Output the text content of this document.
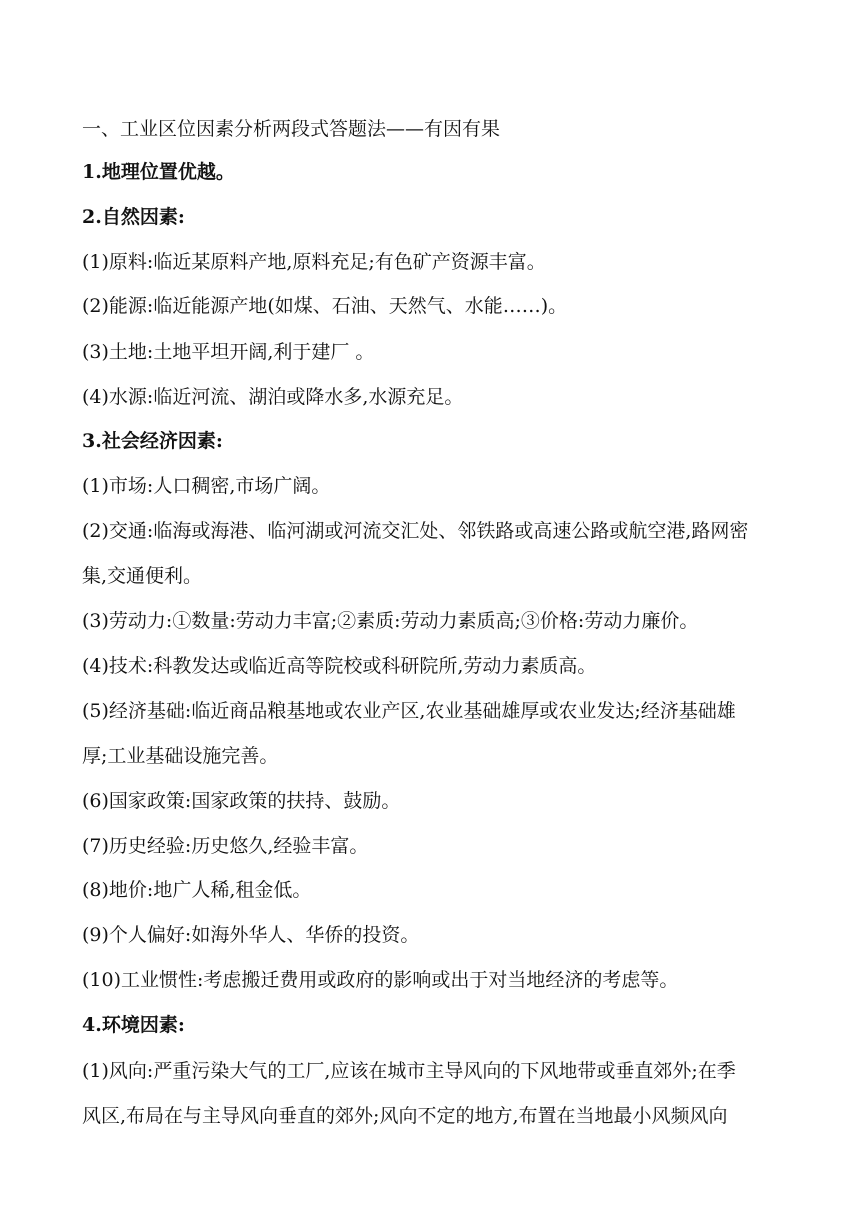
一、工业区位因素分析两段式答题法——有因有果
1.地理位置优越。
2.自然因素:
(1)原料:临近某原料产地,原料充足;有色矿产资源丰富。
(2)能源:临近能源产地(如煤、石油、天然气、水能……)。
(3)土地:土地平坦开阔,利于建厂 。
(4)水源:临近河流、湖泊或降水多,水源充足。
3.社会经济因素:
(1)市场:人口稠密,市场广阔。
(2)交通:临海或海港、临河湖或河流交汇处、邻铁路或高速公路或航空港,路网密
集,交通便利。
(3)劳动力:①数量:劳动力丰富;②素质:劳动力素质高;③价格:劳动力廉价。
(4)技术:科教发达或临近高等院校或科研院所,劳动力素质高。
(5)经济基础:临近商品粮基地或农业产区,农业基础雄厚或农业发达;经济基础雄
厚;工业基础设施完善。
(6)国家政策:国家政策的扶持、鼓励。
(7)历史经验:历史悠久,经验丰富。
(8)地价:地广人稀,租金低。
(9)个人偏好:如海外华人、华侨的投资。
(10)工业惯性:考虑搬迁费用或政府的影响或出于对当地经济的考虑等。
4.环境因素:
(1)风向:严重污染大气的工厂,应该在城市主导风向的下风地带或垂直郊外;在季
风区,布局在与主导风向垂直的郊外;风向不定的地方,布置在当地最小风频风向
